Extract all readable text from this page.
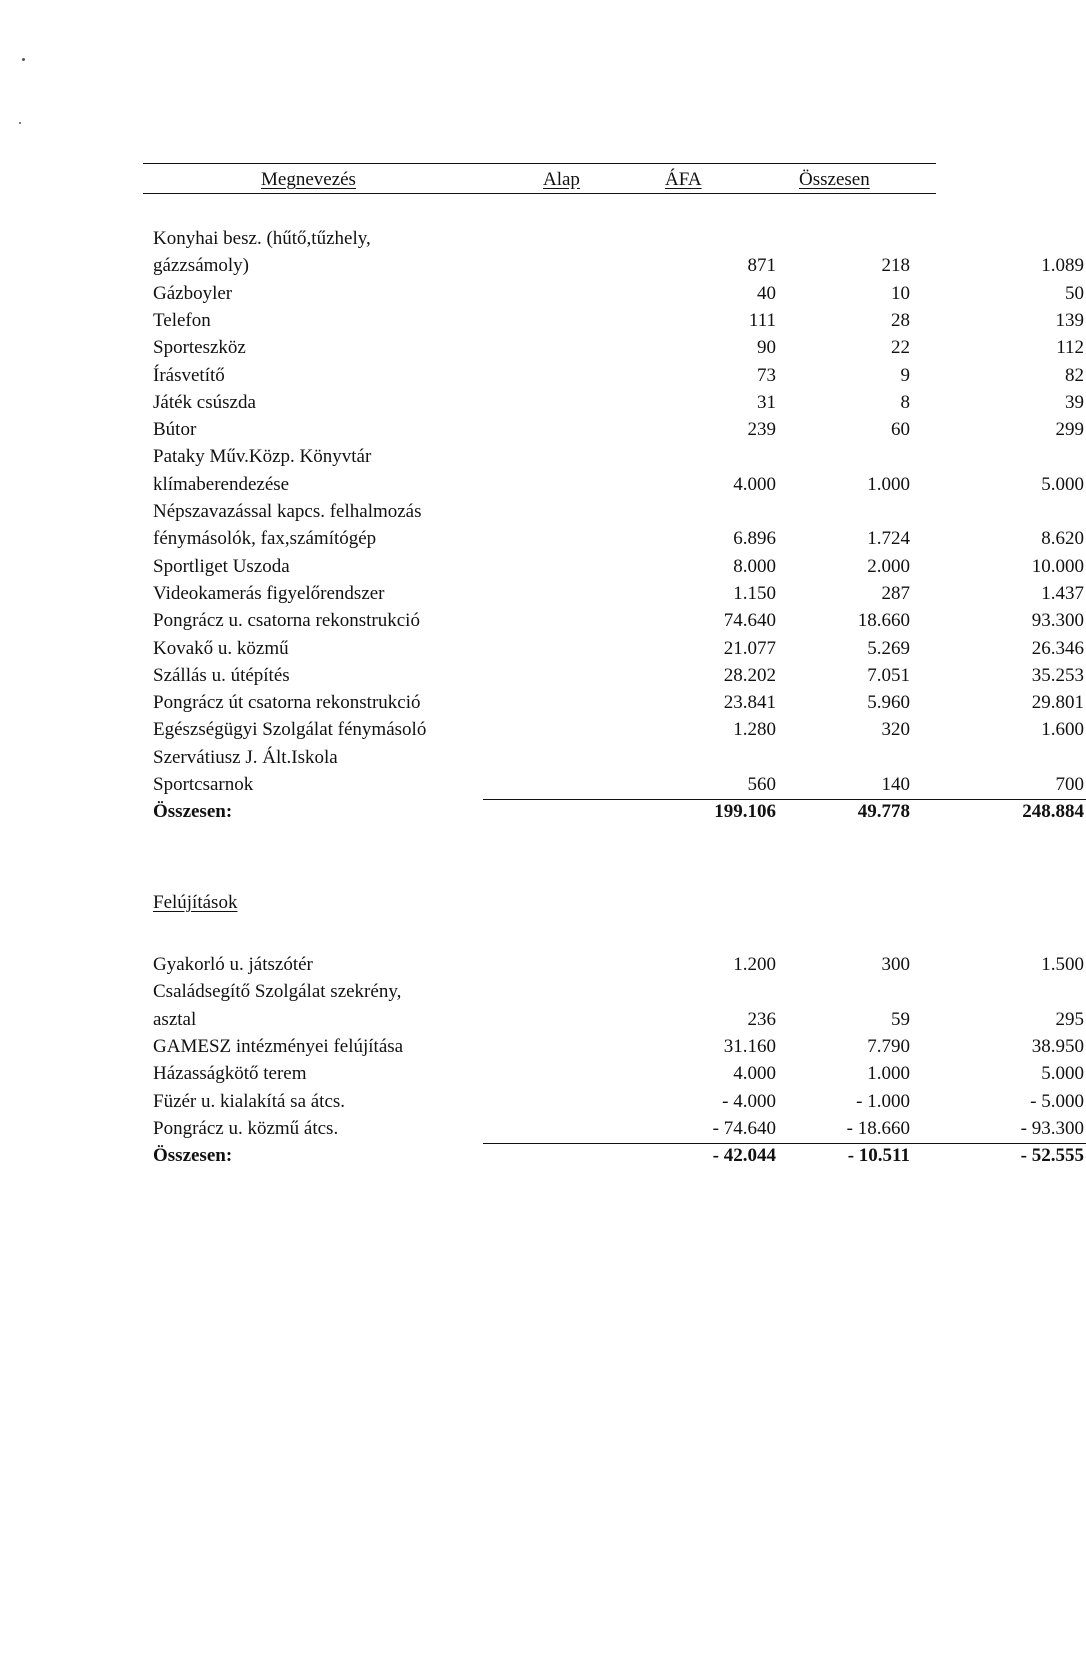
Megnevezés	Alap	ÁFA	Összesen
Konyhai besz. (hűtő,tűzhely,
gázzsámoly)	871	218	1.089
Gázboyler	40	10	50
Telefon	111	28	139
Sporteszköz	90	22	112
Írásvetítő	73	9	82
Játék csúszda	31	8	39
Bútor	239	60	299
Pataky Műv.Közp. Könyvtár
klímaberendezése	4.000	1.000	5.000
Népszavazással kapcs. felhalmozás
fénymásolók, fax,számítógép	6.896	1.724	8.620
Sportliget Uszoda	8.000	2.000	10.000
Videokamerás figyelőrendszer	1.150	287	1.437
Pongrácz u. csatorna rekonstrukció	74.640	18.660	93.300
Kovakő u. közmű	21.077	5.269	26.346
Szállás u. útépítés	28.202	7.051	35.253
Pongrácz út csatorna rekonstrukció	23.841	5.960	29.801
Egészségügyi Szolgálat fénymásoló	1.280	320	1.600
Szervátiusz J. Ált.Iskola
Sportcsarnok	560	140	700
Összesen:	199.106	49.778	248.884
Felújítások
Gyakorló u. játszótér	1.200	300	1.500
Családsegítő Szolgálat szekrény,
asztal	236	59	295
GAMESZ intézményei felújítása	31.160	7.790	38.950
Házasságkötő terem	4.000	1.000	5.000
Füzér u. kialakítá sa átcs.	- 4.000	- 1.000	- 5.000
Pongrácz u. közmű átcs.	- 74.640	- 18.660	- 93.300
Összesen:	- 42.044	- 10.511	- 52.555
